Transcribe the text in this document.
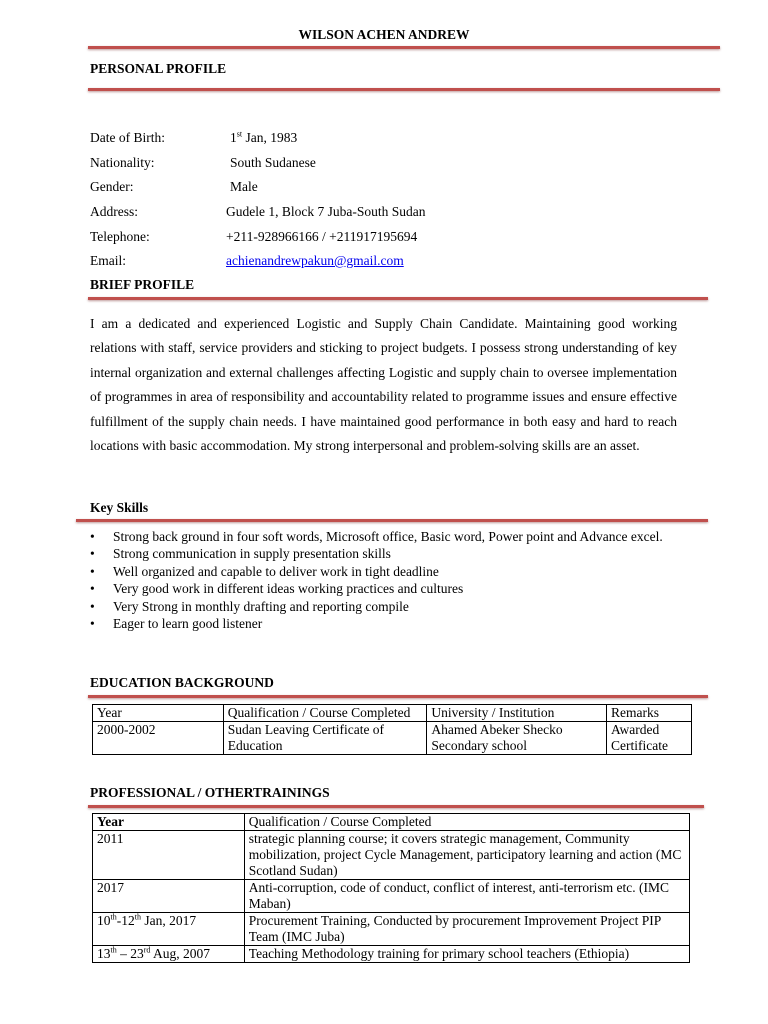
WILSON ACHEN ANDREW
PERSONAL PROFILE
Date of Birth:	1st Jan, 1983
Nationality:	South Sudanese
Gender:	Male
Address:	Gudele 1, Block 7 Juba-South Sudan
Telephone:	+211-928966166 / +211917195694
Email:	achienandrewpakun@gmail.com
BRIEF PROFILE

I am a dedicated and experienced Logistic and Supply Chain Candidate. Maintaining good working relations with staff, service providers and sticking to project budgets. I possess strong understanding of key internal organization and external challenges affecting Logistic and supply chain to oversee implementation of programmes in area of responsibility and accountability related to programme issues and ensure effective fulfillment of the supply chain needs. I have maintained good performance in both easy and hard to reach locations with basic accommodation. My strong interpersonal and problem-solving skills are an asset.

Key Skills
• Strong back ground in four soft words, Microsoft office, Basic word, Power point and Advance excel.
• Strong communication in supply presentation skills
• Well organized and capable to deliver work in tight deadline
• Very good work in different ideas working practices and cultures
• Very Strong in monthly drafting and reporting compile
• Eager to learn good listener
EDUCATION BACKGROUND
Year	Qualification / Course Completed	University / Institution	Remarks
2000-2002	Sudan Leaving Certificate of Education	Ahamed Abeker Shecko Secondary school	Awarded Certificate
PROFESSIONAL / OTHERTRAININGS
Year	Qualification / Course Completed
2011	strategic planning course; it covers strategic management, Community mobilization, project Cycle Management, participatory learning and action (MC Scotland Sudan)
2017	Anti-corruption, code of conduct, conflict of interest, anti-terrorism etc. (IMC Maban)
10th-12th Jan, 2017	Procurement Training, Conducted by procurement Improvement Project PIP Team (IMC Juba)
13th – 23rd Aug, 2007	Teaching Methodology training for primary school teachers (Ethiopia)
